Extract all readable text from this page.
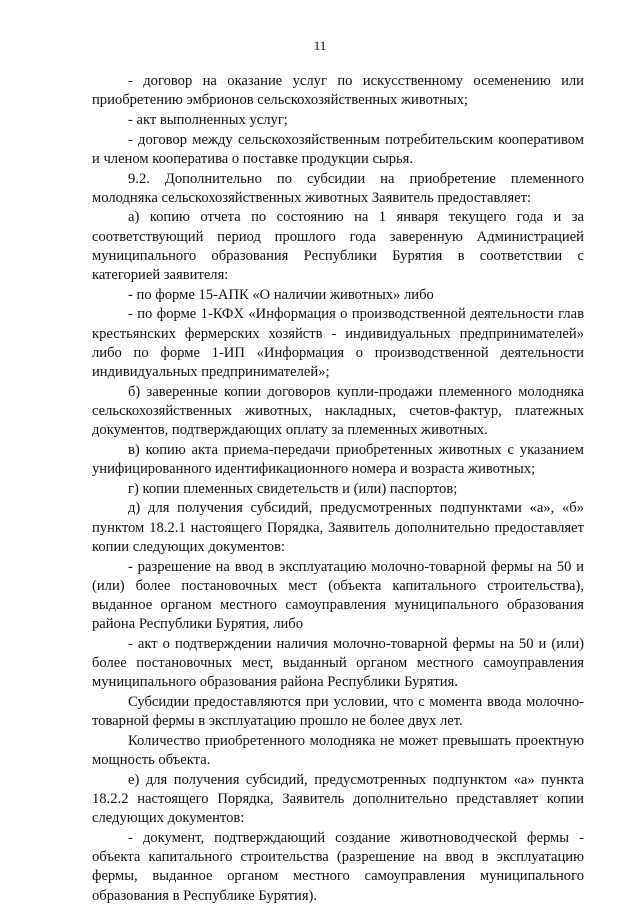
11

- договор на оказание услуг по искусственному осеменению или приобретению эмбрионов сельскохозяйственных животных;

- акт выполненных услуг;

- договор между сельскохозяйственным потребительским кооперативом и членом кооператива о поставке продукции сырья.

9.2. Дополнительно по субсидии на приобретение племенного молодняка сельскохозяйственных животных Заявитель предоставляет:

а) копию отчета по состоянию на 1 января текущего года и за соответствующий период прошлого года заверенную Администрацией муниципального образования Республики Бурятия в соответствии с категорией заявителя:

- по форме 15-АПК «О наличии животных» либо

- по форме 1-КФХ «Информация о производственной деятельности глав крестьянских фермерских хозяйств - индивидуальных предпринимателей» либо по форме 1-ИП «Информация о производственной деятельности индивидуальных предпринимателей»;

б) заверенные копии договоров купли-продажи племенного молодняка сельскохозяйственных животных, накладных, счетов-фактур, платежных документов, подтверждающих оплату за племенных животных.

в) копию акта приема-передачи приобретенных животных с указанием унифицированного идентификационного номера и возраста животных;

г) копии племенных свидетельств и (или) паспортов;

д) для получения субсидий, предусмотренных подпунктами «а», «б» пунктом 18.2.1 настоящего Порядка, Заявитель дополнительно предоставляет копии следующих документов:

- разрешение на ввод в эксплуатацию молочно-товарной фермы на 50 и (или) более постановочных мест (объекта капитального строительства), выданное органом местного самоуправления муниципального образования района Республики Бурятия, либо

- акт о подтверждении наличия молочно-товарной фермы на 50 и (или) более постановочных мест, выданный органом местного самоуправления муниципального образования района Республики Бурятия.

Субсидии предоставляются при условии, что с момента ввода молочно-товарной фермы в эксплуатацию прошло не более двух лет.

Количество приобретенного молодняка не может превышать проектную мощность объекта.

е) для получения субсидий, предусмотренных подпунктом «а» пункта 18.2.2 настоящего Порядка, Заявитель дополнительно представляет копии следующих документов:

- документ, подтверждающий создание животноводческой фермы - объекта капитального строительства (разрешение на ввод в эксплуатацию фермы, выданное органом местного самоуправления муниципального образования в Республике Бурятия).
